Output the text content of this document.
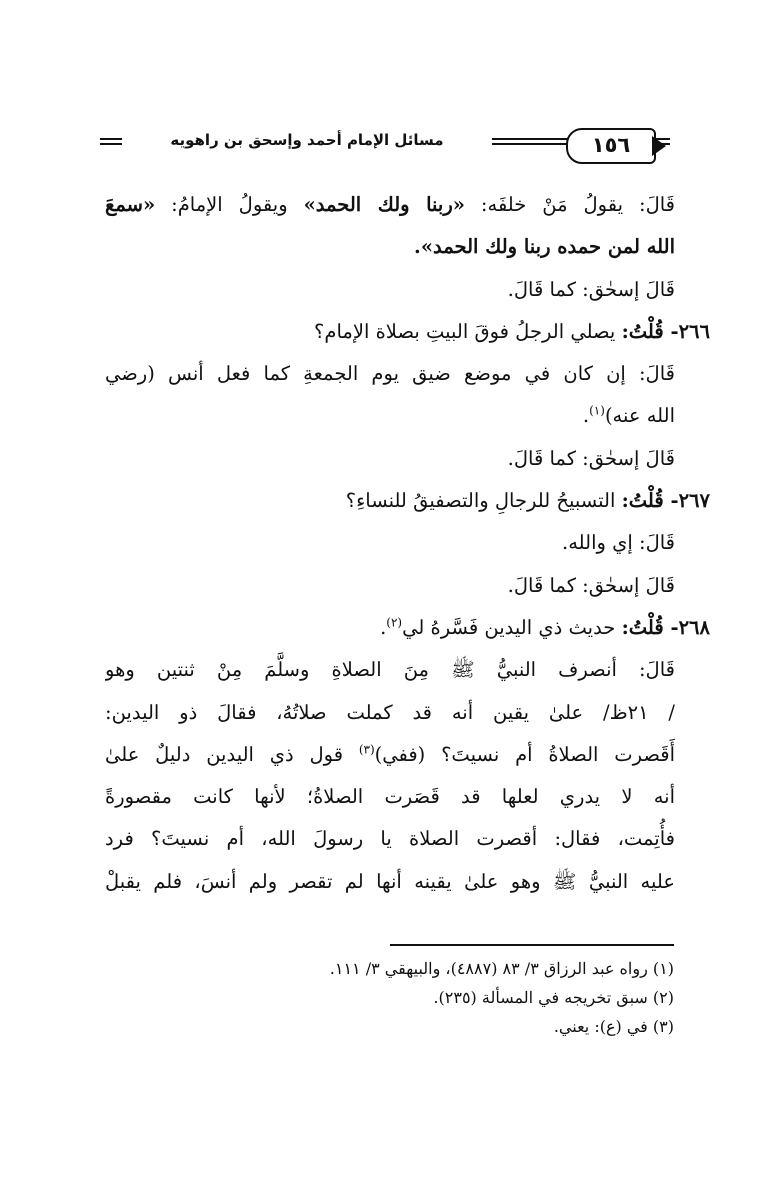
مسائل الإمام أحمد وإسحق بن راهويه	١٥٦
قَالَ: يقولُ مَنْ خلفَه: «ربنا ولك الحمد» ويقولُ الإمامُ: «سمعَ
الله لمن حمده ربنا ولك الحمد».
قَالَ إسحٰق: كما قَالَ.
٢٦٦- قُلْتُ: يصلي الرجلُ فوقَ البيتِ بصلاة الإمام؟
قَالَ: إن كان في موضع ضيق يوم الجمعةِ كما فعل أنس (رضي
الله عنه)$^{(١)}$.
قَالَ إسحٰق: كما قَالَ.
٢٦٧- قُلْتُ: التسبيحُ للرجالِ والتصفيقُ للنساءِ؟
قَالَ: إي والله.
قَالَ إسحٰق: كما قَالَ.
٢٦٨- قُلْتُ: حديث ذي اليدين فَسَّرهُ لي$^{(٢)}$.
قَالَ: أنصرف النبيُّ ﷺ مِنَ الصلاةِ وسلَّمَ مِنْ ثنتين وهو
/ ٢١ظ/ علىٰ يقين أنه قد كملت صلاتُهُ، فقالَ ذو اليدين:
أَقَصرت الصلاةُ أم نسيتَ؟ (ففي)$^{(٣)}$ قول ذي اليدين دليلٌ علىٰ
أنه لا يدري لعلها قد قَصَرت الصلاةُ؛ لأنها كانت مقصورةً
فأُتِمت، فقال: أقصرت الصلاة يا رسولَ الله، أم نسيتَ؟ فرد
عليه النبيُّ ﷺ وهو علىٰ يقينه أنها لم تقصر ولم أنسَ، فلم يقبلْ
(١) رواه عبد الرزاق ٣/ ٨٣ (٤٨٨٧)، والبيهقي ٣/ ١١١.
(٢) سبق تخريجه في المسألة (٢٣٥).
(٣) في (ع): يعني.
